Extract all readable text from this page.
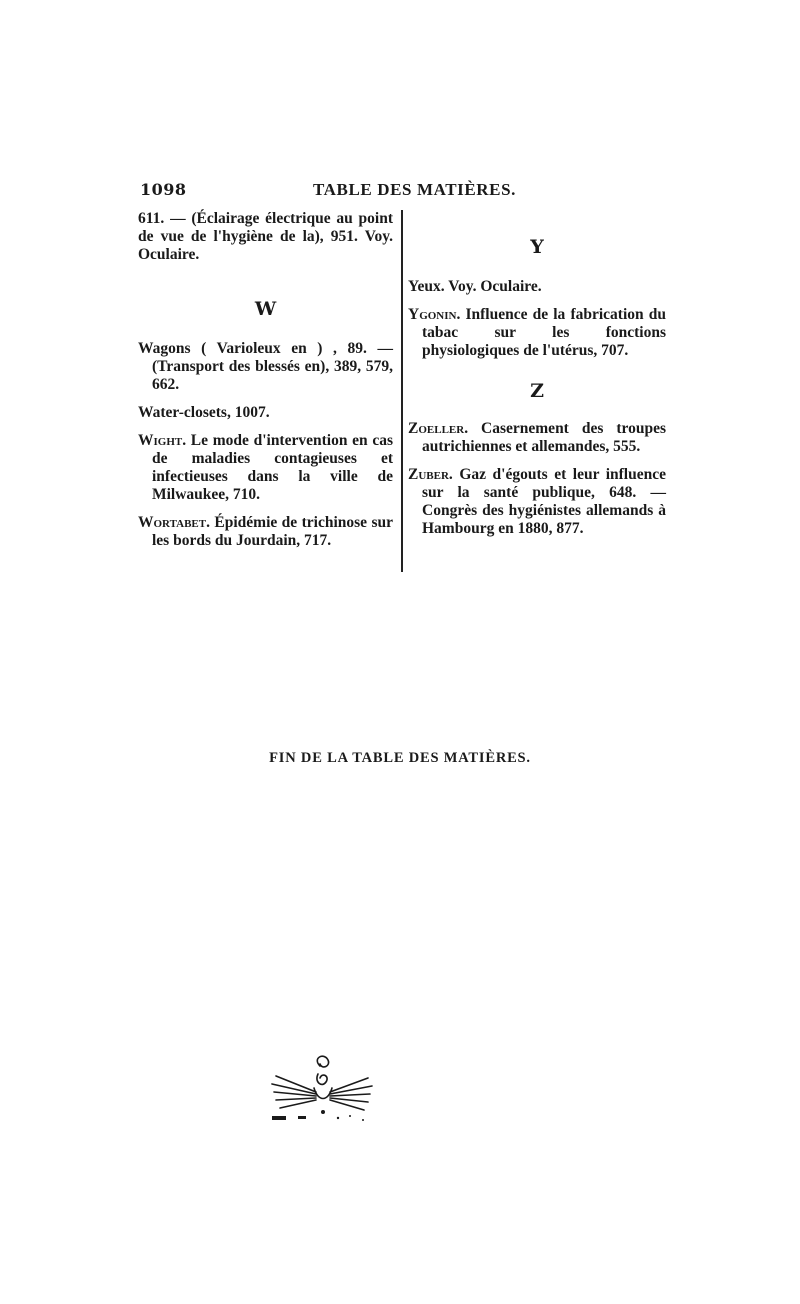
1098	TABLE DES MATIÈRES.

611. — (Éclairage électrique au point de vue de l'hygiène de la), 951. Voy. Oculaire.

W

Wagons ( Varioleux en ) , 89. — (Transport des blessés en), 389, 579, 662.

Water-closets, 1007.

Wight. Le mode d'intervention en cas de maladies contagieuses et infectieuses dans la ville de Milwaukee, 710.

Wortabet. Épidémie de trichinose sur les bords du Jourdain, 717.

Y

Yeux. Voy. Oculaire.

Ygonin. Influence de la fabrication du tabac sur les fonctions physiologiques de l'utérus, 707.

Z

Zoeller. Casernement des troupes autrichiennes et allemandes, 555.

Zuber. Gaz d'égouts et leur influence sur la santé publique, 648. — Congrès des hygiénistes allemands à Hambourg en 1880, 877.

FIN DE LA TABLE DES MATIÈRES.
